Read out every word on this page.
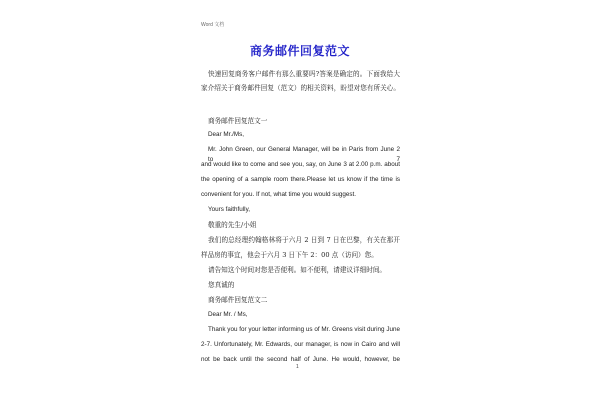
Word 文档
商务邮件回复范文
快速回复商务客户邮件有那么重要吗?答案是确定的。下面我给大
家介绍关于商务邮件回复（范文）的相关资料，盼望对您有所关心。
商务邮件回复范文一
Dear Mr./Ms,
Mr. John Green, our General Manager, will be in Paris from June 2 to 7
and would like to come and see you, say, on June 3 at 2.00 p.m. about
the opening of a sample room there.Please let us know if the time is
convenient for you. If not, what time you would suggest.
Yours faithfully,
敬重的先生/小姐
我们的总经理约翰格林将于六月 2 日到 7 日在巴黎，有关在那开
样品房的事宜，他会于六月 3 日下午 2：00 点（访问）您。
请告知这个时间对您是否便利。如不便利，请建议详细时间。
您真诚的
商务邮件回复范文二
Dear Mr. / Ms,
Thank you for your letter informing us of Mr. Greens visit during June
2-7. Unfortunately, Mr. Edwards, our manager, is now in Cairo and will
not be back until the second half of June. He would, however, be
1
